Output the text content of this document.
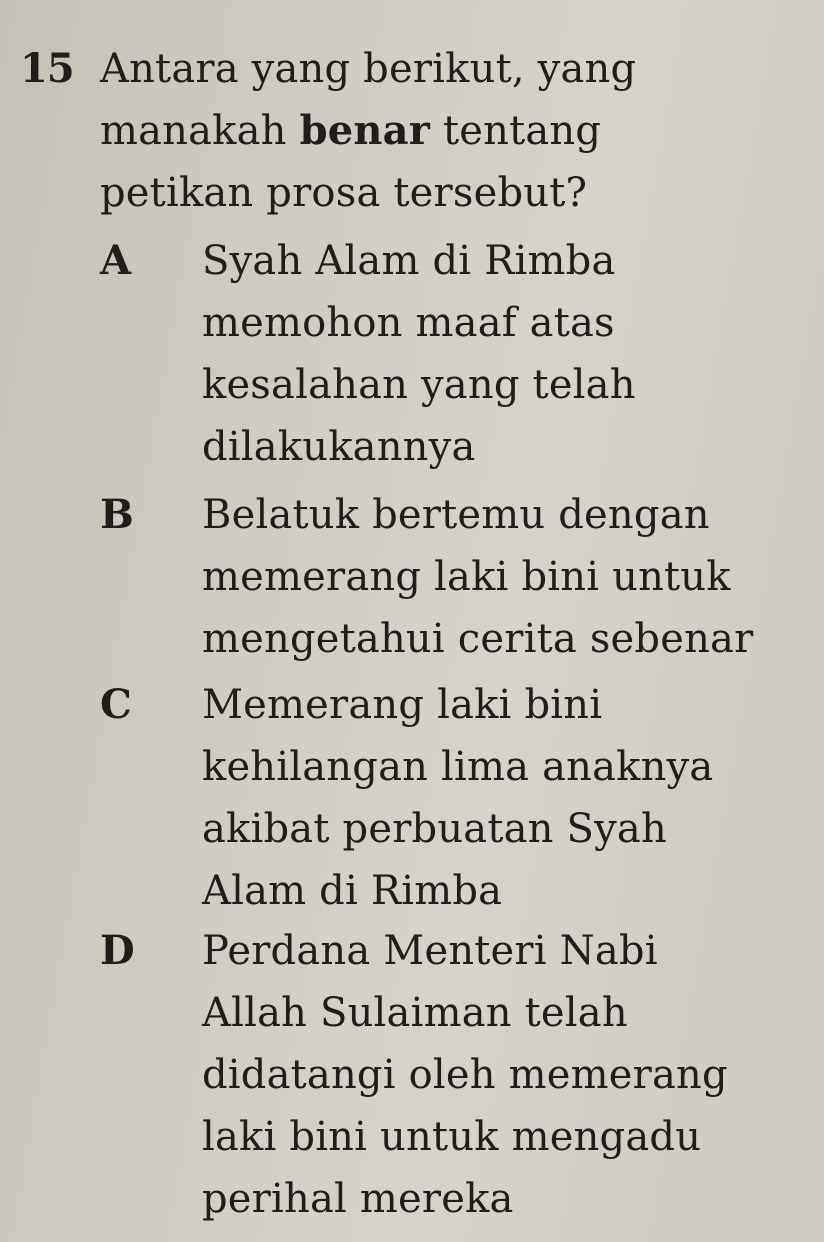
15 Antara yang berikut, yang
manakah benar tentang
petikan prosa tersebut?
A Syah Alam di Rimba
memohon maaf atas
kesalahan yang telah
dilakukannya
B Belatuk bertemu dengan
memerang laki bini untuk
mengetahui cerita sebenar
C Memerang laki bini
kehilangan lima anaknya
akibat perbuatan Syah
Alam di Rimba
D Perdana Menteri Nabi
Allah Sulaiman telah
didatangi oleh memerang
laki bini untuk mengadu
perihal mereka
